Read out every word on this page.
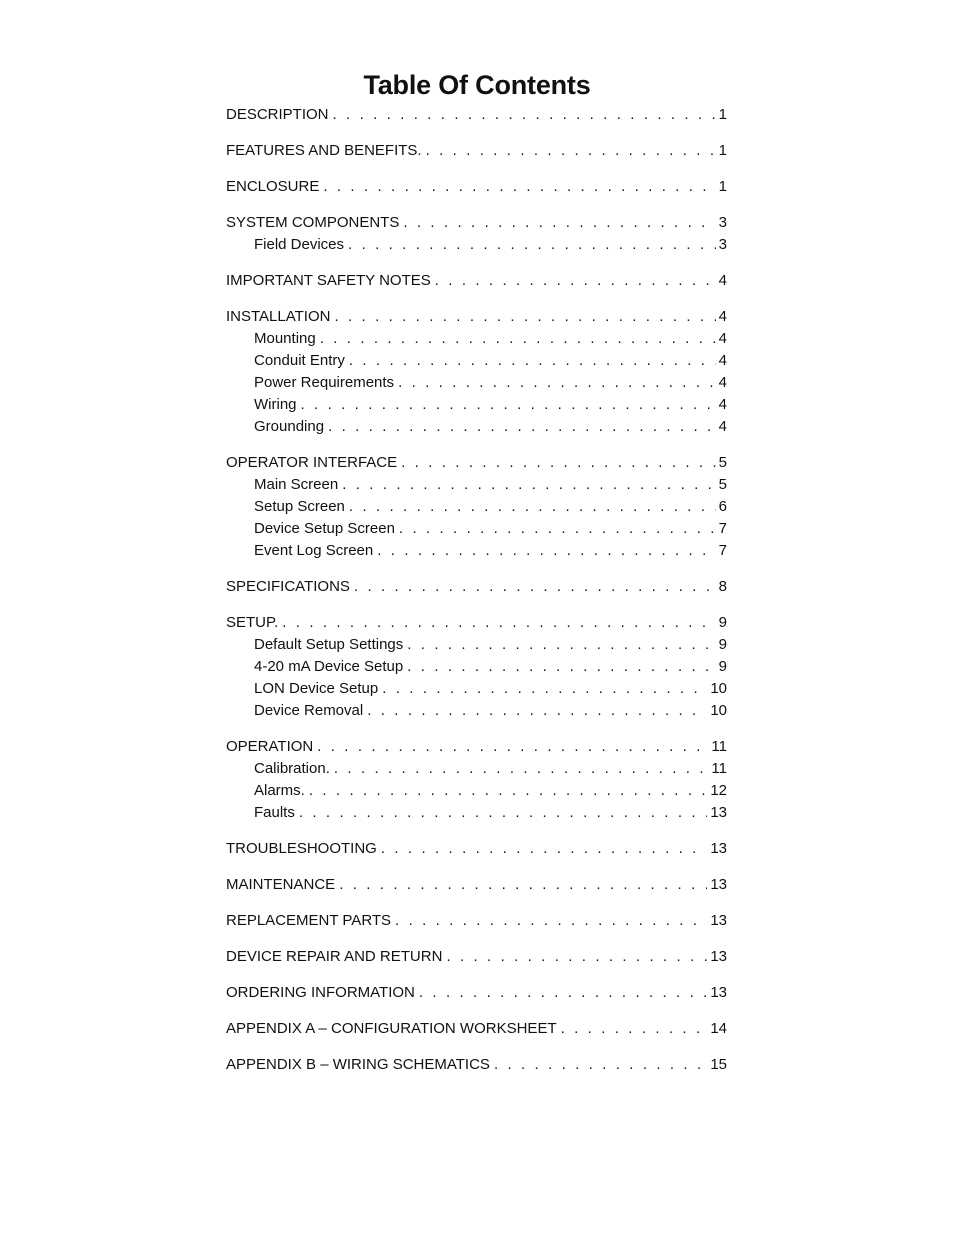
Table Of Contents
DESCRIPTION . . .	1
FEATURES AND BENEFITS. . . .	1
ENCLOSURE . . .	1
SYSTEM COMPONENTS . . .	3
Field Devices . . .	3
IMPORTANT SAFETY NOTES . . .	4
INSTALLATION . . .	4
Mounting . . .	4
Conduit Entry . . .	4
Power Requirements . . .	4
Wiring . . .	4
Grounding . . .	4
OPERATOR INTERFACE . . .	5
Main Screen . . .	5
Setup Screen . . .	6
Device Setup Screen . . .	7
Event Log Screen . . .	7
SPECIFICATIONS . . .	8
SETUP. . . .	9
Default Setup Settings . . .	9
4-20 mA Device Setup . . .	9
LON Device Setup . . .	10
Device Removal . . .	10
OPERATION . . .	11
Calibration. . . .	11
Alarms. . . .	12
Faults . . .	13
TROUBLESHOOTING . . .	13
MAINTENANCE . . .	13
REPLACEMENT PARTS . . .	13
DEVICE REPAIR AND RETURN . . .	13
ORDERING INFORMATION . . .	13
APPENDIX A – CONFIGURATION WORKSHEET . . .	14
APPENDIX B – WIRING SCHEMATICS . . .	15
